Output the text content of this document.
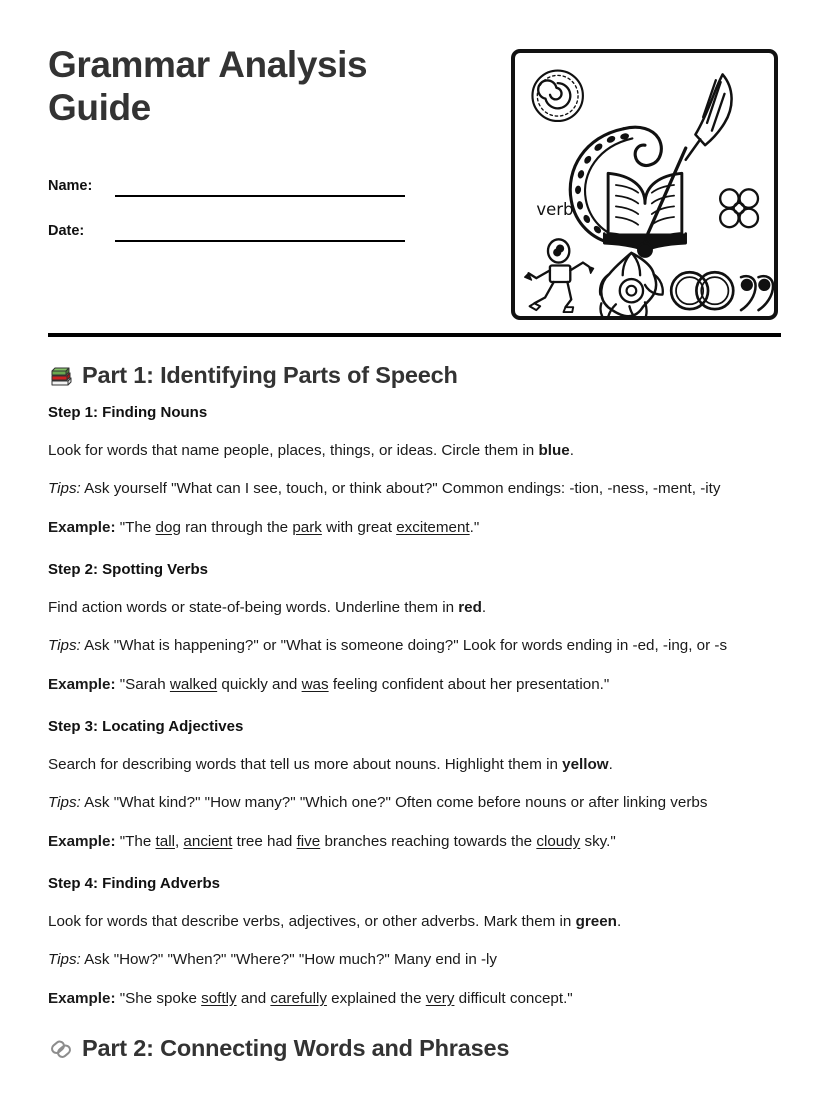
Grammar Analysis Guide
Name:
Date:
verb
Part 1: Identifying Parts of Speech
Step 1: Finding Nouns

Look for words that name people, places, things, or ideas. Circle them in blue.

Tips: Ask yourself "What can I see, touch, or think about?" Common endings: -tion, -ness, -ment, -ity

Example: "The dog ran through the park with great excitement."

Step 2: Spotting Verbs

Find action words or state-of-being words. Underline them in red.

Tips: Ask "What is happening?" or "What is someone doing?" Look for words ending in -ed, -ing, or -s

Example: "Sarah walked quickly and was feeling confident about her presentation."

Step 3: Locating Adjectives

Search for describing words that tell us more about nouns. Highlight them in yellow.

Tips: Ask "What kind?" "How many?" "Which one?" Often come before nouns or after linking verbs

Example: "The tall, ancient tree had five branches reaching towards the cloudy sky."

Step 4: Finding Adverbs

Look for words that describe verbs, adjectives, or other adverbs. Mark them in green.

Tips: Ask "How?" "When?" "Where?" "How much?" Many end in -ly

Example: "She spoke softly and carefully explained the very difficult concept."

Part 2: Connecting Words and Phrases
